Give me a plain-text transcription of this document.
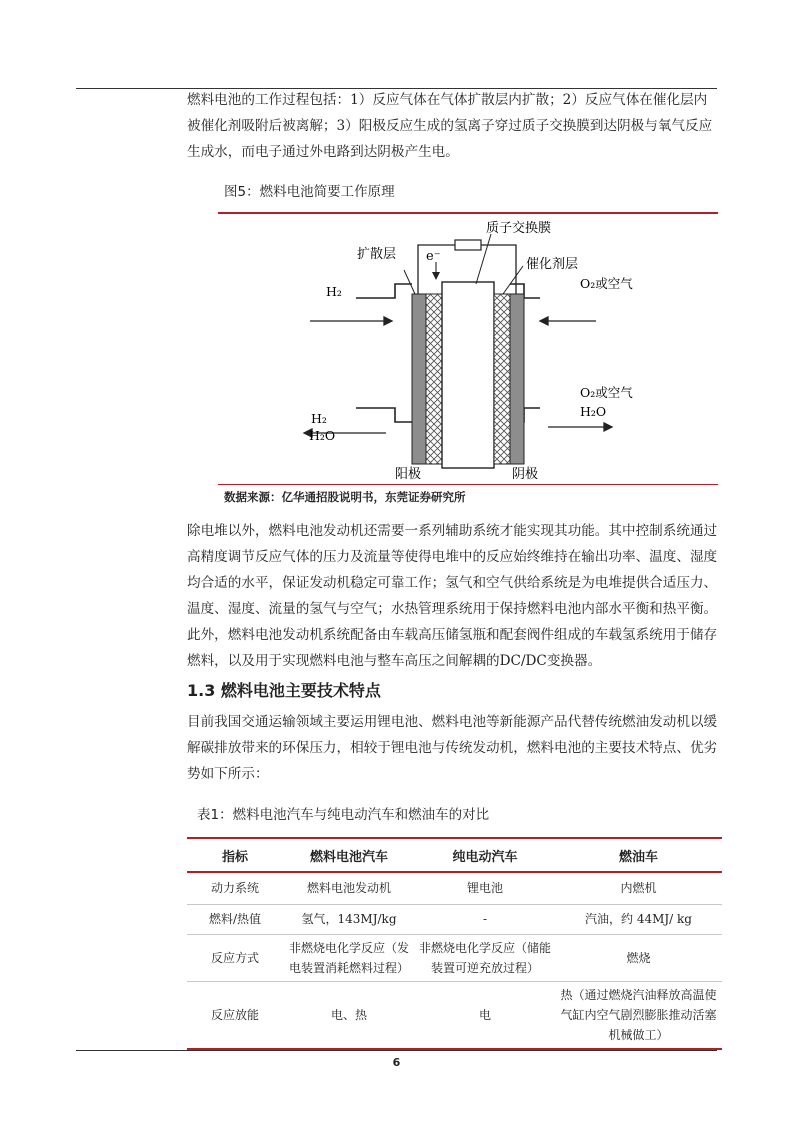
燃料电池的工作过程包括：1）反应气体在气体扩散层内扩散；2）反应气体在催化层内被催化剂吸附后被离解；3）阳极反应生成的氢离子穿过质子交换膜到达阴极与氧气反应生成水，而电子通过外电路到达阴极产生电。
图5：燃料电池简要工作原理
质子交换膜
扩散层 e⁻
催化剂层
O₂或空气
H₂
O₂或空气
H₂O
H₂
H₂O
阳极	阴极
数据来源：亿华通招股说明书，东莞证券研究所
除电堆以外，燃料电池发动机还需要一系列辅助系统才能实现其功能。其中控制系统通过高精度调节反应气体的压力及流量等使得电堆中的反应始终维持在输出功率、温度、湿度均合适的水平，保证发动机稳定可靠工作；氢气和空气供给系统是为电堆提供合适压力、温度、湿度、流量的氢气与空气；水热管理系统用于保持燃料电池内部水平衡和热平衡。此外，燃料电池发动机系统配备由车载高压储氢瓶和配套阀件组成的车载氢系统用于储存燃料，以及用于实现燃料电池与整车高压之间解耦的DC/DC变换器。
1.3 燃料电池主要技术特点
目前我国交通运输领域主要运用锂电池、燃料电池等新能源产品代替传统燃油发动机以缓解碳排放带来的环保压力，相较于锂电池与传统发动机，燃料电池的主要技术特点、优劣势如下所示：
表1：燃料电池汽车与纯电动汽车和燃油车的对比
指标	燃料电池汽车	纯电动汽车	燃油车
动力系统	燃料电池发动机	锂电池	内燃机
燃料/热值	氢气，143MJ/kg	-	汽油，约 44MJ/ kg
反应方式	非燃烧电化学反应（发电装置消耗燃料过程）	非燃烧电化学反应（储能装置可逆充放过程）	燃烧
反应放能	电、热	电	热（通过燃烧汽油释放高温使气缸内空气剧烈膨胀推动活塞机械做工）
6
